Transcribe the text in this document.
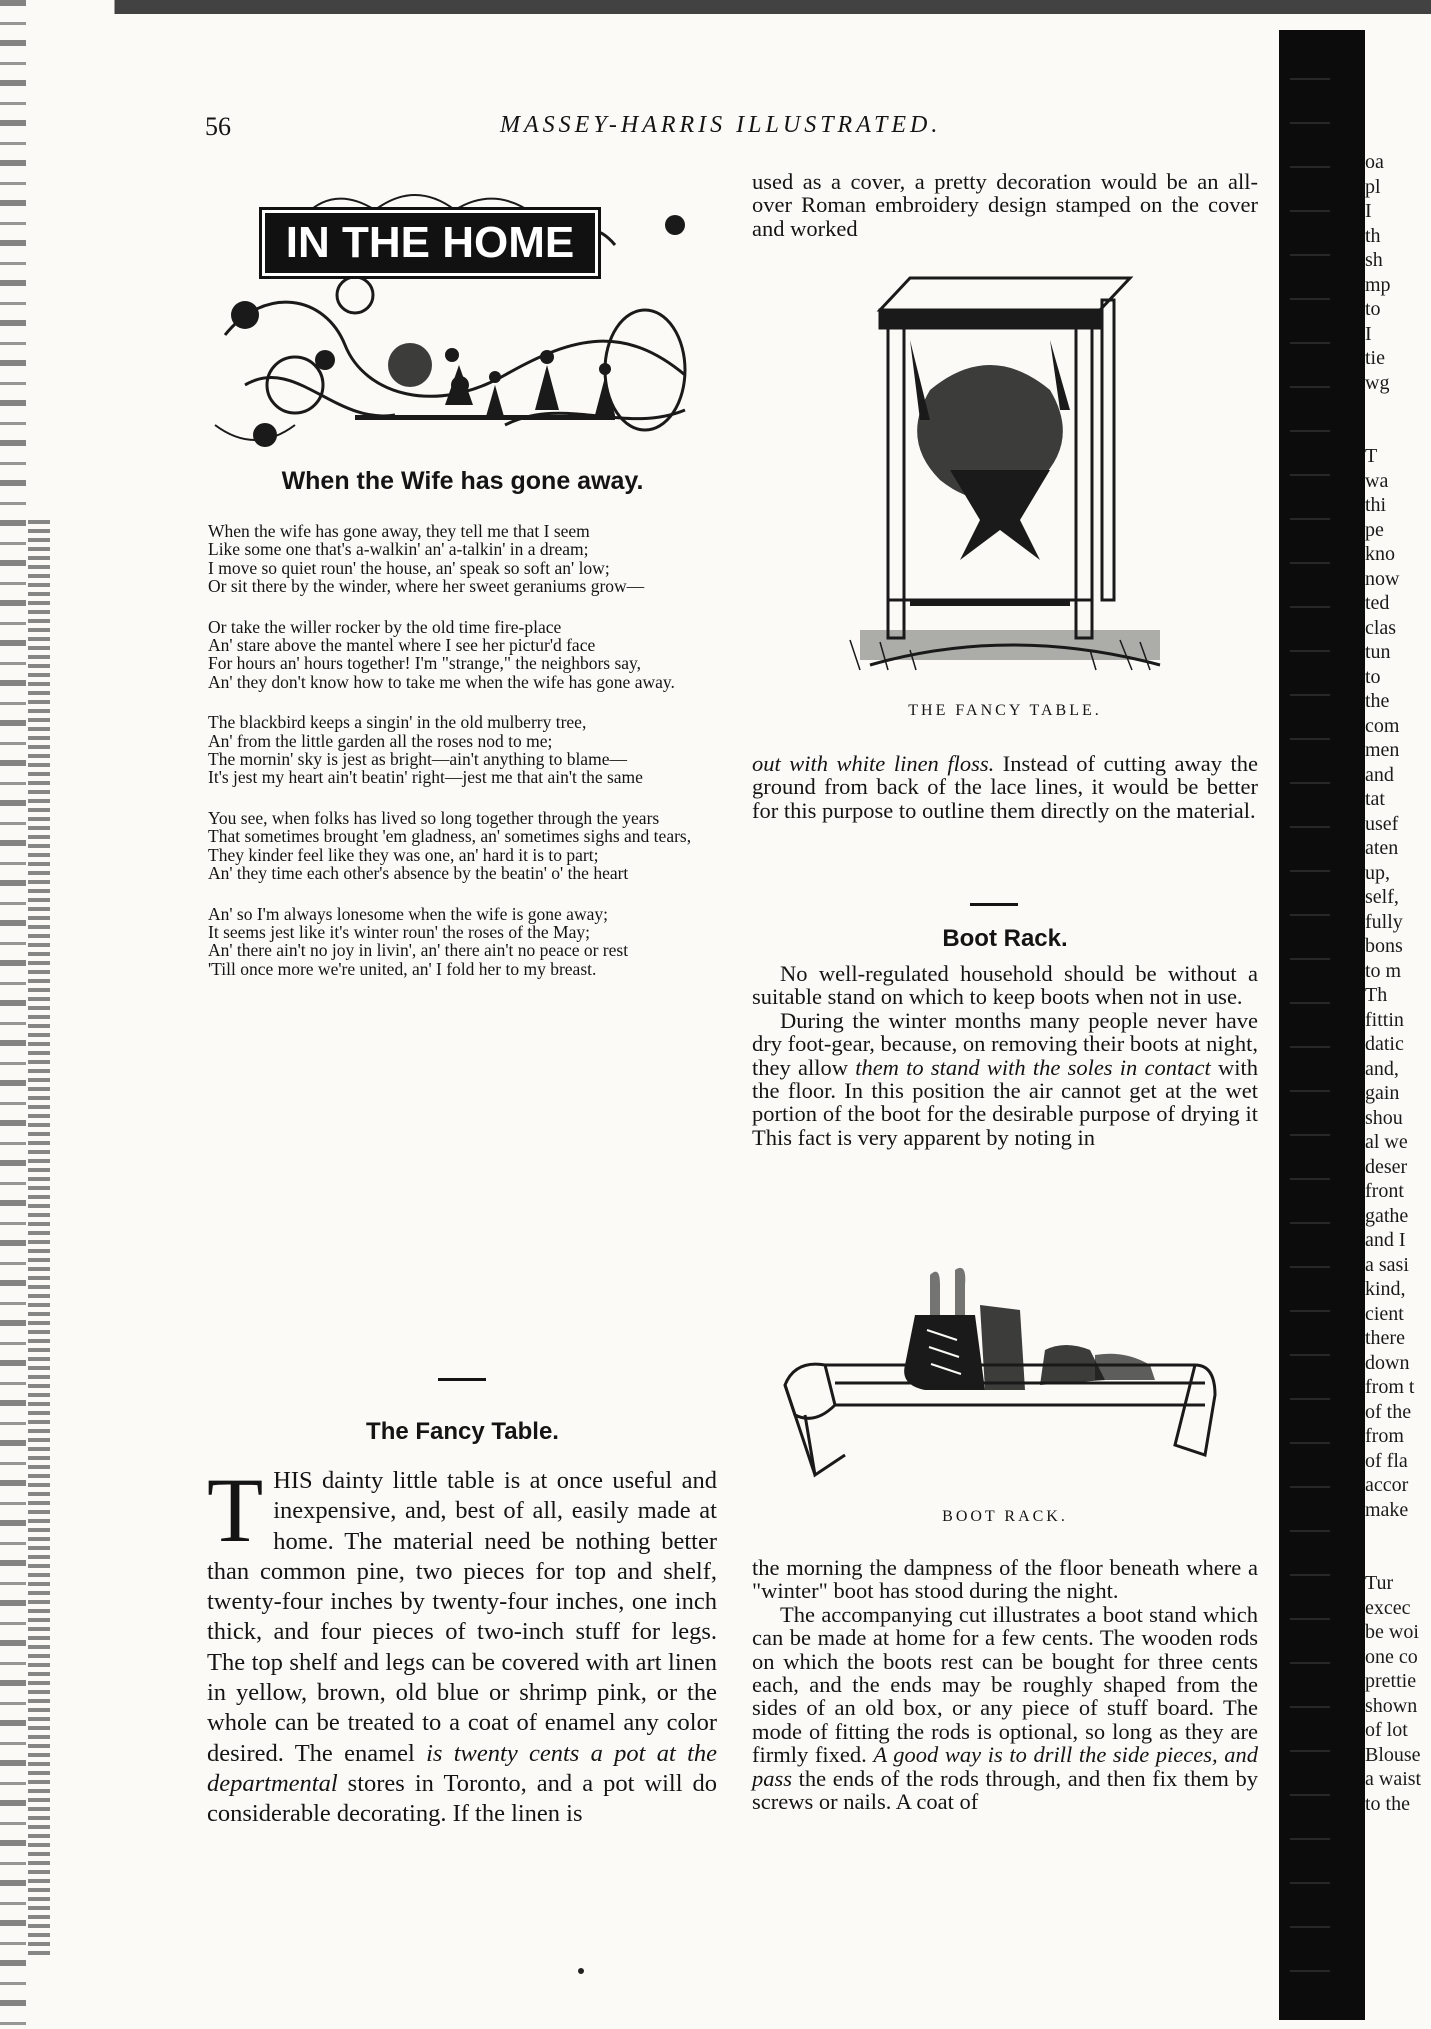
oa
pl
I
th
sh
mp
to
I
tie
wg

T
wa
thi
pe
kno
now
ted
clas
tun
to
the
com
men
and
tat
usef
aten
up,
self,
fully
bons
to m
Th
fittin
datic
and,
gain
shou
al we
deser
front
gathe
and I
a sasi
kind,
cient
there
down
from t
of the
from
of fla
accor
make

Tur
excec
be woi
one co
prettie
shown
of lot
Blouse
a waist
to the
56	MASSEY-HARRIS ILLUSTRATED.
IN THE HOME
When the Wife has gone away.
When the wife has gone away, they tell me that I seem
Like some one that's a-walkin' an' a-talkin' in a dream;
I move so quiet roun' the house, an' speak so soft an' low;
Or sit there by the winder, where her sweet geraniums grow—
Or take the willer rocker by the old time fire-place
An' stare above the mantel where I see her pictur'd face
For hours an' hours together! I'm "strange," the neighbors say,
An' they don't know how to take me when the wife has gone away.
The blackbird keeps a singin' in the old mulberry tree,
An' from the little garden all the roses nod to me;
The mornin' sky is jest as bright—ain't anything to blame—
It's jest my heart ain't beatin' right—jest me that ain't the same
You see, when folks has lived so long together through the years
That sometimes brought 'em gladness, an' sometimes sighs and tears,
They kinder feel like they was one, an' hard it is to part;
An' they time each other's absence by the beatin' o' the heart
An' so I'm always lonesome when the wife is gone away;
It seems jest like it's winter roun' the roses of the May;
An' there ain't no joy in livin', an' there ain't no peace or rest
'Till once more we're united, an' I fold her to my breast.
The Fancy Table.
T HIS dainty little table is at once useful and inexpensive, and, best of all, easily made at home. The material need be nothing better than common pine, two pieces for top and shelf, twenty-four inches by twenty-four inches, one inch thick, and four pieces of two-inch stuff for legs. The top shelf and legs can be covered with art linen in yellow, brown, old blue or shrimp pink, or the whole can be treated to a coat of enamel any color desired. The enamel is twenty cents a pot at the departmental stores in Toronto, and a pot will do considerable decorating. If the linen is
used as a cover, a pretty decoration would be an all-over Roman embroidery design stamped on the cover and worked
THE FANCY TABLE.
out with white linen floss. Instead of cutting away the ground from back of the lace lines, it would be better for this purpose to outline them directly on the material.
Boot Rack.
No well-regulated household should be without a suitable stand on which to keep boots when not in use.
During the winter months many people never have dry foot-gear, because, on removing their boots at night, they allow them to stand with the soles in contact with the floor. In this position the air cannot get at the wet portion of the boot for the desirable purpose of drying it This fact is very apparent by noting in
BOOT RACK.
the morning the dampness of the floor beneath where a "winter" boot has stood during the night.
The accompanying cut illustrates a boot stand which can be made at home for a few cents. The wooden rods on which the boots rest can be bought for three cents each, and the ends may be roughly shaped from the sides of an old box, or any piece of stuff board. The mode of fitting the rods is optional, so long as they are firmly fixed. A good way is to drill the side pieces, and pass the ends of the rods through, and then fix them by screws or nails. A coat of
